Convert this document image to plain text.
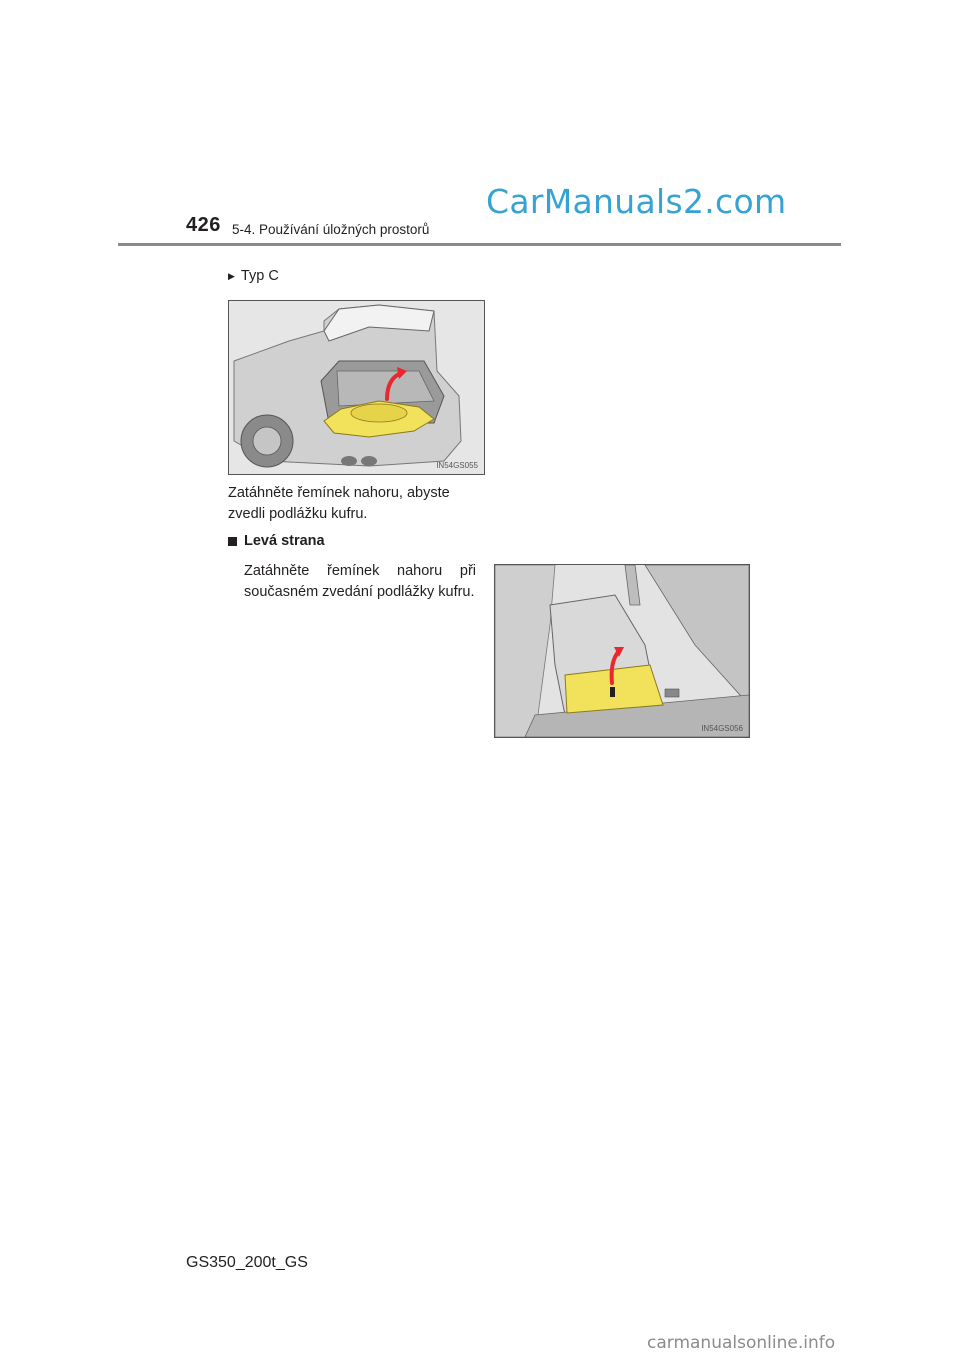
426 5-4. Používání úložných prostorů
CarManuals2.com
▶ Typ C
IN54GS055
Zatáhněte řemínek nahoru, abyste zvedli podlážku kufru.
Levá strana
Zatáhněte řemínek nahoru při současném zvedání podlážky kufru.
IN54GS056
GS350_200t_GS
carmanualsonline.info
